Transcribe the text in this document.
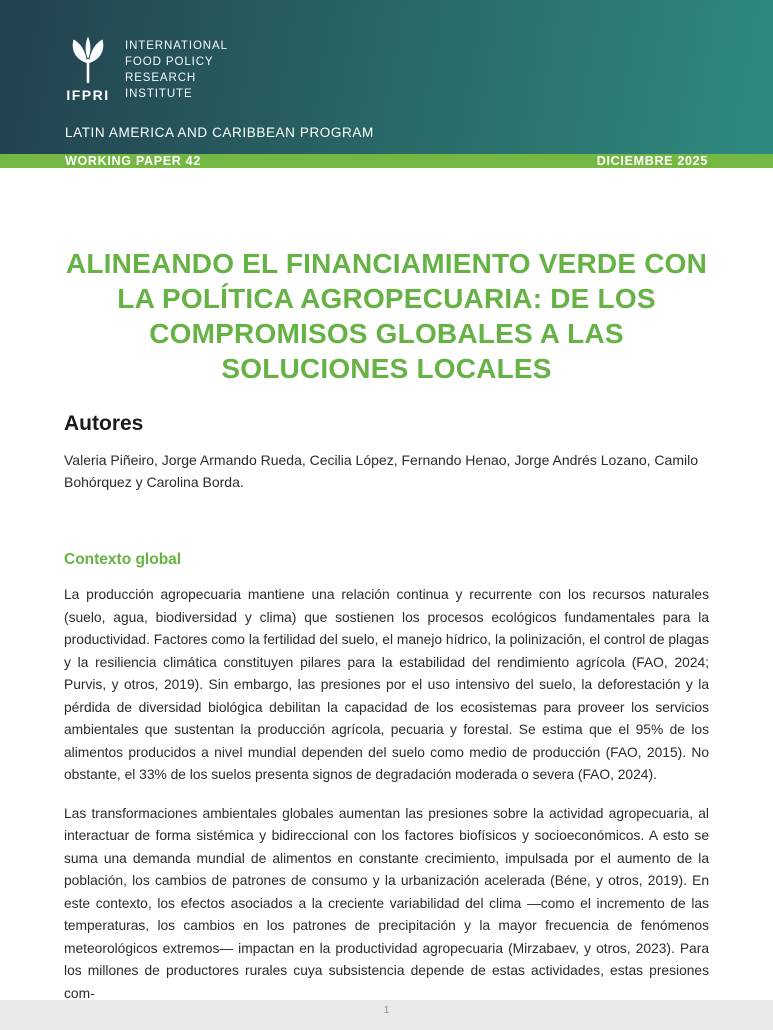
IFPRI
INTERNATIONAL
FOOD POLICY
RESEARCH
INSTITUTE
LATIN AMERICA AND CARIBBEAN PROGRAM
WORKING PAPER 42	DICIEMBRE 2025
ALINEANDO EL FINANCIAMIENTO VERDE CON LA POLÍTICA AGROPECUARIA: DE LOS COMPROMISOS GLOBALES A LAS SOLUCIONES LOCALES
Autores

Valeria Piñeiro, Jorge Armando Rueda, Cecilia López, Fernando Henao, Jorge Andrés Lozano, Camilo Bohórquez y Carolina Borda.

Contexto global

La producción agropecuaria mantiene una relación continua y recurrente con los recursos naturales (suelo, agua, biodiversidad y clima) que sostienen los procesos ecológicos fundamentales para la productividad. Factores como la fertilidad del suelo, el manejo hídrico, la polinización, el control de plagas y la resiliencia climática constituyen pilares para la estabilidad del rendimiento agrícola (FAO, 2024; Purvis, y otros, 2019). Sin embargo, las presiones por el uso intensivo del suelo, la deforestación y la pérdida de diversidad biológica debilitan la capacidad de los ecosistemas para proveer los servicios ambientales que sustentan la producción agrícola, pecuaria y forestal. Se estima que el 95% de los alimentos producidos a nivel mundial dependen del suelo como medio de producción (FAO, 2015). No obstante, el 33% de los suelos presenta signos de degradación moderada o severa (FAO, 2024).

Las transformaciones ambientales globales aumentan las presiones sobre la actividad agropecuaria, al interactuar de forma sistémica y bidireccional con los factores biofísicos y socioeconómicos. A esto se suma una demanda mundial de alimentos en constante crecimiento, impulsada por el aumento de la población, los cambios de patrones de consumo y la urbanización acelerada (Béne, y otros, 2019). En este contexto, los efectos asociados a la creciente variabilidad del clima —como el incremento de las temperaturas, los cambios en los patrones de precipitación y la mayor frecuencia de fenómenos meteorológicos extremos— impactan en la productividad agropecuaria (Mirzabaev, y otros, 2023). Para los millones de productores rurales cuya subsistencia depende de estas actividades, estas presiones com-

1
